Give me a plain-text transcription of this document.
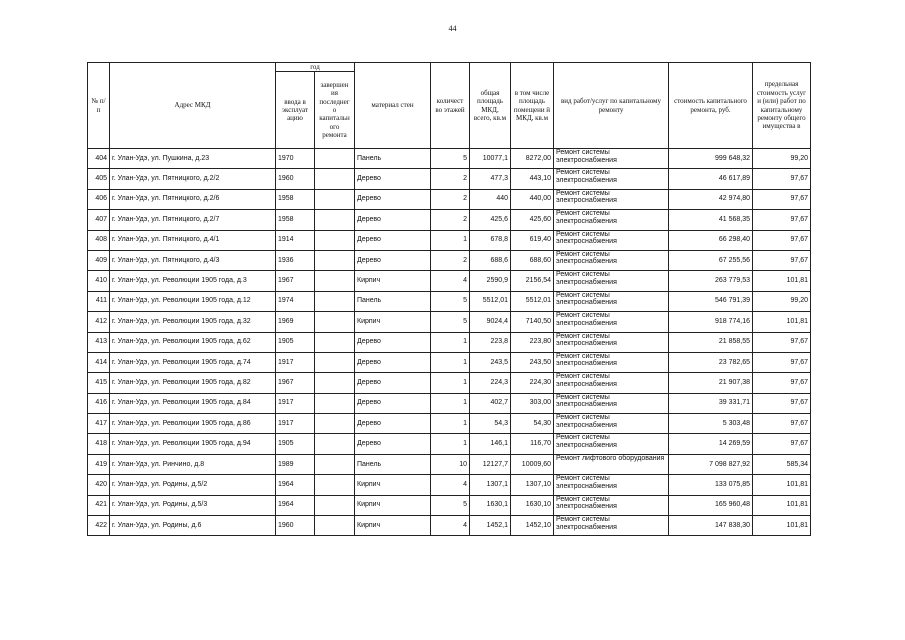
44
№ п/п	Адрес МКД	год		материал стен	количест во этажей	общая площадь МКД, всего, кв.м	в том числе площадь помещени й МКД, кв.м	вид работ/услуг по капитальному ремонту	стоимость капитального ремонта, руб.	предельная стоимость услуг и (или) работ по капитальному ремонту общего имущества в
		ввода в эксплуат ацию	завершен ия последнег о капитальн ого ремонта							
404	г. Улан-Удэ, ул. Пушкина, д.23	1970		Панель	5	10077,1	8272,00	Ремонт системы электроснабжения	999 648,32	99,20
405	г. Улан-Удэ, ул. Пятницкого, д.2/2	1960		Дерево	2	477,3	443,10	Ремонт системы электроснабжения	46 617,89	97,67
406	г. Улан-Удэ, ул. Пятницкого, д.2/6	1958		Дерево	2	440	440,00	Ремонт системы электроснабжения	42 974,80	97,67
407	г. Улан-Удэ, ул. Пятницкого, д.2/7	1958		Дерево	2	425,6	425,60	Ремонт системы электроснабжения	41 568,35	97,67
408	г. Улан-Удэ, ул. Пятницкого, д.4/1	1914		Дерево	1	678,8	619,40	Ремонт системы электроснабжения	66 298,40	97,67
409	г. Улан-Удэ, ул. Пятницкого, д.4/3	1936		Дерево	2	688,6	688,60	Ремонт системы электроснабжения	67 255,56	97,67
410	г. Улан-Удэ, ул. Революции 1905 года, д.3	1967		Кирпич	4	2590,9	2156,54	Ремонт системы электроснабжения	263 779,53	101,81
411	г. Улан-Удэ, ул. Революции 1905 года, д.12	1974		Панель	5	5512,01	5512,01	Ремонт системы электроснабжения	546 791,39	99,20
412	г. Улан-Удэ, ул. Революции 1905 года, д.32	1969		Кирпич	5	9024,4	7140,50	Ремонт системы электроснабжения	918 774,16	101,81
413	г. Улан-Удэ, ул. Революции 1905 года, д.62	1905		Дерево	1	223,8	223,80	Ремонт системы электроснабжения	21 858,55	97,67
414	г. Улан-Удэ, ул. Революции 1905 года, д.74	1917		Дерево	1	243,5	243,50	Ремонт системы электроснабжения	23 782,65	97,67
415	г. Улан-Удэ, ул. Революции 1905 года, д.82	1967		Дерево	1	224,3	224,30	Ремонт системы электроснабжения	21 907,38	97,67
416	г. Улан-Удэ, ул. Революции 1905 года, д.84	1917		Дерево	1	402,7	303,00	Ремонт системы электроснабжения	39 331,71	97,67
417	г. Улан-Удэ, ул. Революции 1905 года, д.86	1917		Дерево	1	54,3	54,30	Ремонт системы электроснабжения	5 303,48	97,67
418	г. Улан-Удэ, ул. Революции 1905 года, д.94	1905		Дерево	1	146,1	116,70	Ремонт системы электроснабжения	14 269,59	97,67
419	г. Улан-Удэ, ул. Ринчино, д.8	1989		Панель	10	12127,7	10009,60	Ремонт лифтового оборудования	7 098 827,92	585,34
420	г. Улан-Удэ, ул. Родины, д.5/2	1964		Кирпич	4	1307,1	1307,10	Ремонт системы электроснабжения	133 075,85	101,81
421	г. Улан-Удэ, ул. Родины, д.5/3	1964		Кирпич	5	1630,1	1630,10	Ремонт системы электроснабжения	165 960,48	101,81
422	г. Улан-Удэ, ул. Родины, д.6	1960		Кирпич	4	1452,1	1452,10	Ремонт системы электроснабжения	147 838,30	101,81
